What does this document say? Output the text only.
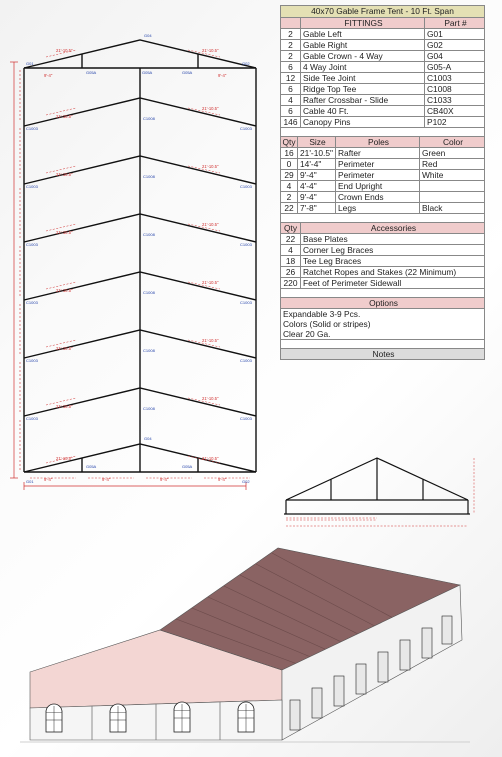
21'-10.5"	21'-10.5"
21'-10.5"
21'-10.5"
21'-10.5"
21'-10.5"
21'-10.5"
21'-10.5"
21'-10.5"
21'-10.5"
21'-10.5"
21'-10.5"
21'-10.5"
21'-10.5"
21'-10.5"	21'-10.5"
9'-4"	9'-4"
9'-4"	9'-4"	9'-4"	9'-4"
G04
G01	G02
G05A	G05A	G05A
C1003	C1003
C1003	C1003
C1003	C1003
C1003	C1003
C1003	C1003
C1003	C1003
C1008
C1008
C1008
C1008
C1008
C1008
G04
G05A	G05A
G01	G02
40x70 Gable Frame Tent - 10 Ft. Span
FITTINGS	Part #
2	Gable Left	G01
2	Gable Right	G02
2	Gable Crown - 4 Way	G04
6	4 Way Joint	G05-A
12 Side Tee Joint	C1003
6	Ridge Top Tee	C1008
4	Rafter Crossbar - Slide	C1033
6	Cable 40 Ft.	CB40X
146 Canopy Pins	P102
Qty	Size	Poles	Color
16 21'-10.5" Rafter	Green
0	14'-4"	Perimeter	Red
29 9'-4"	Perimeter	White
4	4'-4"	End Upright
2	9'-4"	Crown Ends
22 7'-8"	Legs	Black
Qty	Accessories
22 Base Plates
4	Corner Leg Braces
18 Tee Leg Braces
26 Ratchet Ropes and Stakes (22 Minimum)
220 Feet of Perimeter Sidewall
Options
Expandable 3-9 Pcs.
Colors (Solid or stripes)
Clear 20 Ga.
Notes
